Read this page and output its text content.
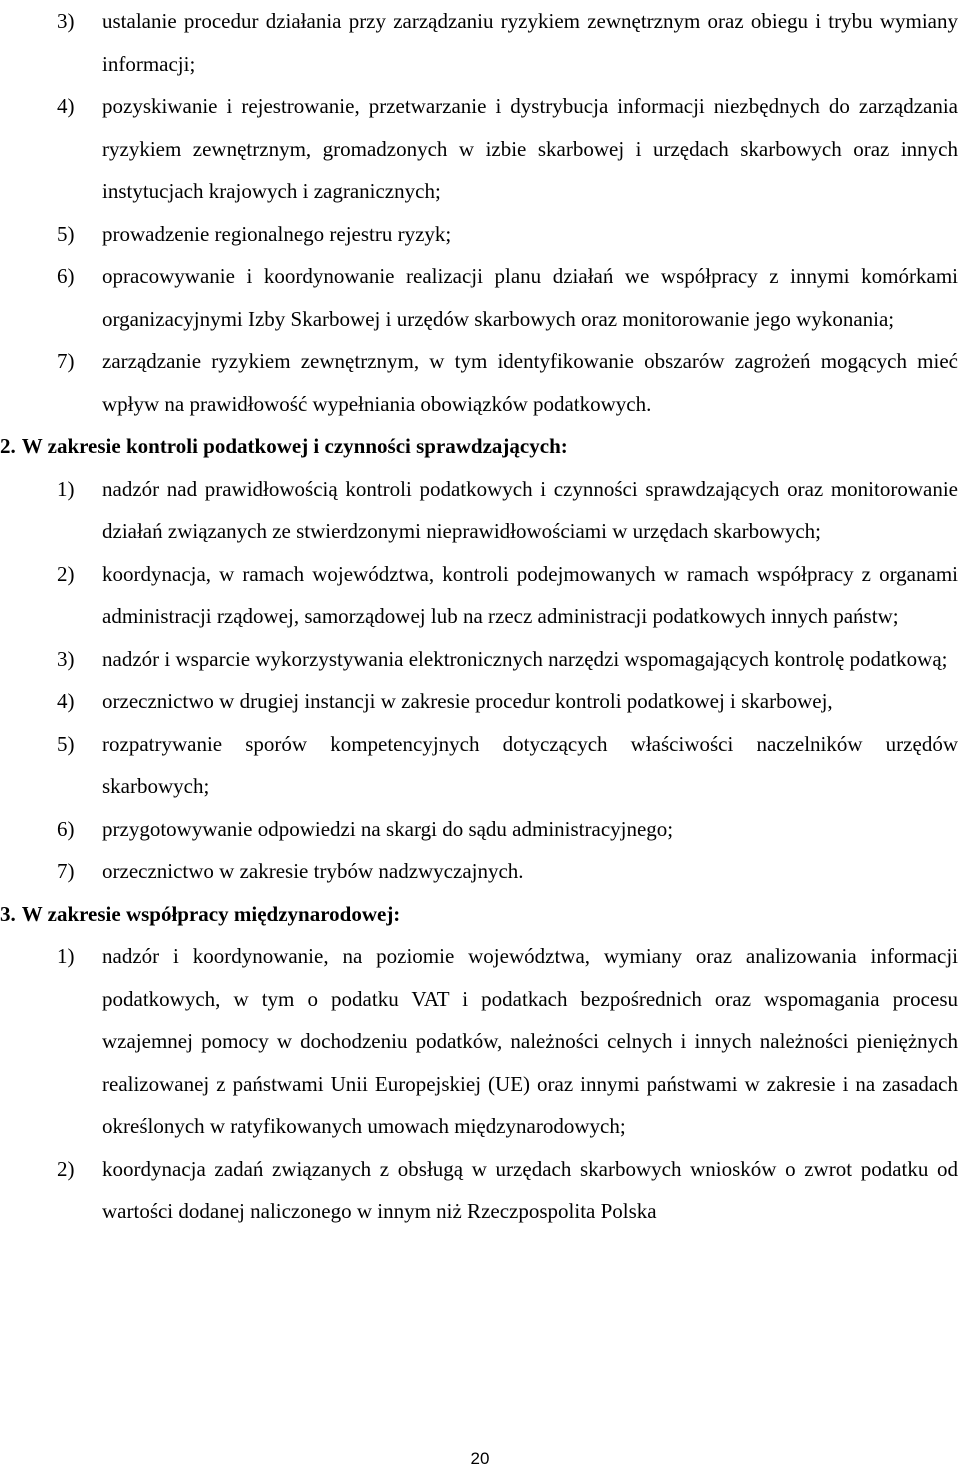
3) ustalanie procedur działania przy zarządzaniu ryzykiem zewnętrznym oraz obiegu i trybu wymiany informacji;
4) pozyskiwanie i rejestrowanie, przetwarzanie i dystrybucja informacji niezbędnych do zarządzania ryzykiem zewnętrznym, gromadzonych w izbie skarbowej i urzędach skarbowych oraz innych instytucjach krajowych i zagranicznych;
5) prowadzenie regionalnego rejestru ryzyk;
6) opracowywanie i koordynowanie realizacji planu działań we współpracy z innymi komórkami organizacyjnymi Izby Skarbowej i urzędów skarbowych oraz monitorowanie jego wykonania;
7) zarządzanie ryzykiem zewnętrznym, w tym identyfikowanie obszarów zagrożeń mogących mieć wpływ na prawidłowość wypełniania obowiązków podatkowych.
2. W zakresie kontroli podatkowej i czynności sprawdzających:
1) nadzór nad prawidłowością kontroli podatkowych i czynności sprawdzających oraz monitorowanie działań związanych ze stwierdzonymi nieprawidłowościami w urzędach skarbowych;
2) koordynacja, w ramach województwa, kontroli podejmowanych w ramach współpracy z organami administracji rządowej, samorządowej lub na rzecz administracji podatkowych innych państw;
3) nadzór i wsparcie wykorzystywania elektronicznych narzędzi wspomagających kontrolę podatkową;
4) orzecznictwo w drugiej instancji w zakresie procedur kontroli podatkowej i skarbowej,
5) rozpatrywanie sporów kompetencyjnych dotyczących właściwości naczelników urzędów skarbowych;
6) przygotowywanie odpowiedzi na skargi do sądu administracyjnego;
7) orzecznictwo w zakresie trybów nadzwyczajnych.
3. W zakresie współpracy międzynarodowej:
1) nadzór i koordynowanie, na poziomie województwa, wymiany oraz analizowania informacji podatkowych, w tym o podatku VAT i podatkach bezpośrednich oraz wspomagania procesu wzajemnej pomocy w dochodzeniu podatków, należności celnych i innych należności pieniężnych realizowanej z państwami Unii Europejskiej (UE) oraz innymi państwami w zakresie i na zasadach określonych w ratyfikowanych umowach międzynarodowych;
2) koordynacja zadań związanych z obsługą w urzędach skarbowych wniosków o zwrot podatku od wartości dodanej naliczonego w innym niż Rzeczpospolita Polska
20
